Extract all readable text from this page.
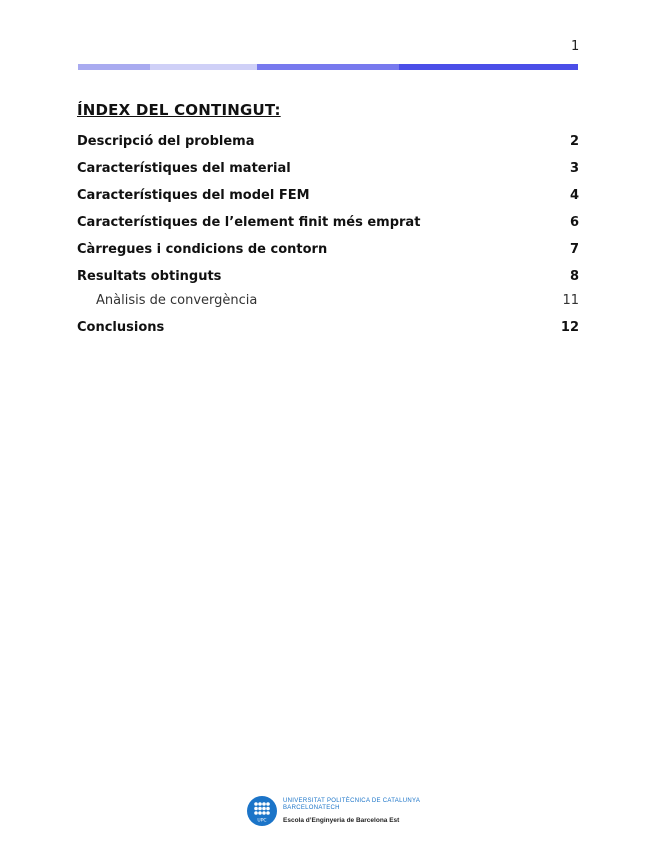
1
ÍNDEX DEL CONTINGUT:
Descripció del problema	2
Característiques del material	3
Característiques del model FEM	4
Característiques de l’element finit més emprat	6
Càrregues i condicions de contorn	7
Resultats obtinguts	8
Anàlisis de convergència	11
Conclusions	12
UPC
UNIVERSITAT POLITÈCNICA DE CATALUNYA
BARCELONATECH
Escola d’Enginyeria de Barcelona Est
